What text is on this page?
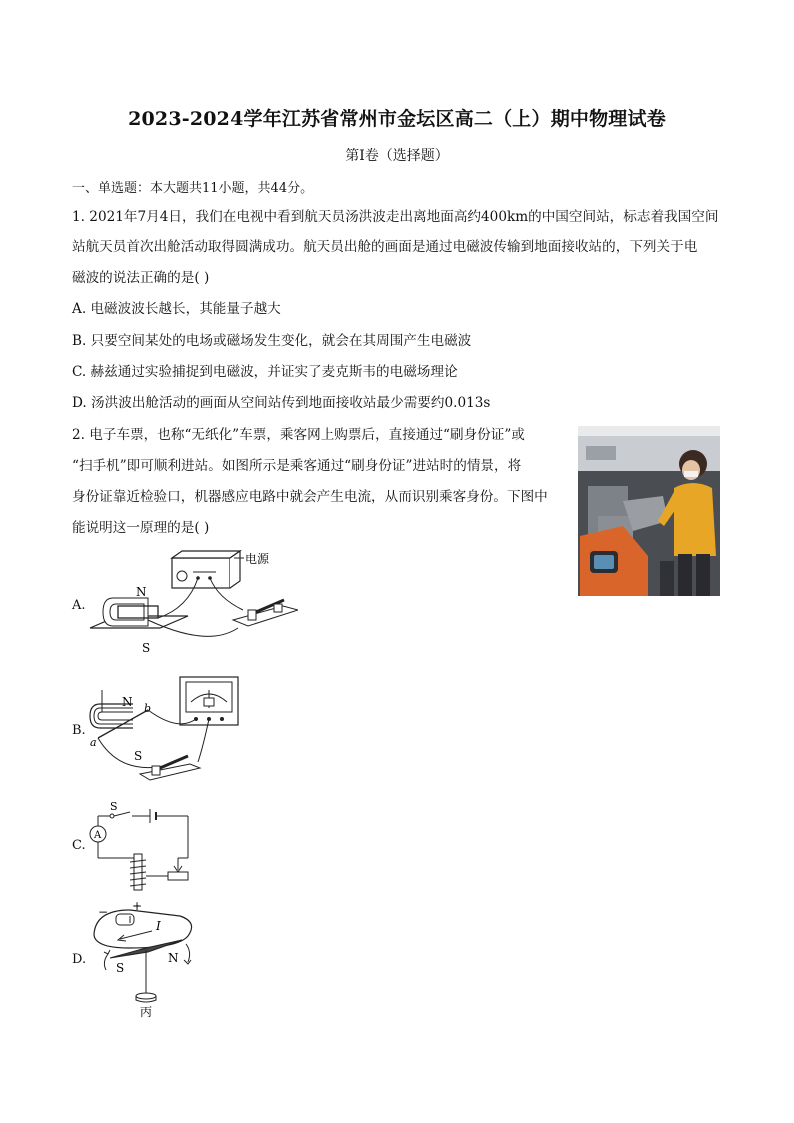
2023-2024学年江苏省常州市金坛区高二（上）期中物理试卷
第I卷（选择题）
一、单选题：本大题共11小题，共44分。
1. 2021年7月4日，我们在电视中看到航天员汤洪波走出离地面高约400km的中国空间站，标志着我国空间
站航天员首次出舱活动取得圆满成功。航天员出舱的画面是通过电磁波传输到地面接收站的，下列关于电
磁波的说法正确的是( )
A. 电磁波波长越长，其能量子越大
B. 只要空间某处的电场或磁场发生变化，就会在其周围产生电磁波
C. 赫兹通过实验捕捉到电磁波，并证实了麦克斯韦的电磁场理论
D. 汤洪波出舱活动的画面从空间站传到地面接收站最少需要约0.013s
2. 电子车票，也称“无纸化”车票，乘客网上购票后，直接通过“刷身份证”或
“扫手机”即可顺利进站。如图所示是乘客通过“刷身份证”进站时的情景，将
身份证靠近检验口，机器感应电路中就会产生电流，从而识别乘客身份。下图中
能说明这一原理的是( )
A.
电源
N
S
B.
N b
a
S
C.
S
A
D.
− +
I
S
N
丙
